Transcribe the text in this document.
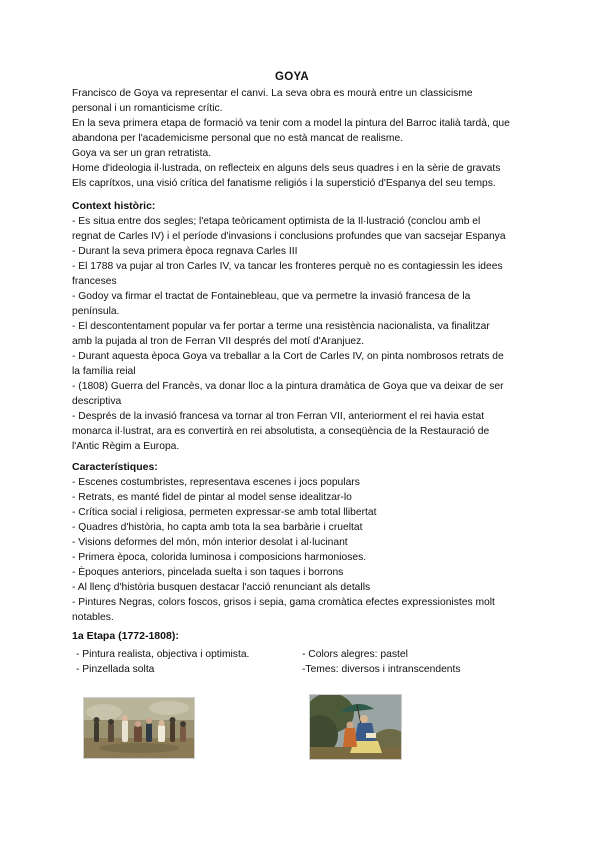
GOYA

Francisco de Goya va representar el canvi. La seva obra es mourà entre un classicisme personal i un romanticisme crític.

En la seva primera etapa de formació va tenir com a model la pintura del Barroc italià tardà, que abandona per l'academicisme personal que no està mancat de realisme.

Goya va ser un gran retratista.

Home d'ideologia il·lustrada, on reflecteix en alguns dels seus quadres i en la sèrie de gravats Els caprítxos, una visió crítica del fanatisme religiós i la superstició d'Espanya del seu temps.

Context històric:

- Es situa entre dos segles; l'etapa teòricament optimista de la Il·lustració (conclou amb el regnat de Carles IV) i el període d'invasions i conclusions profundes que van sacsejar Espanya

- Durant la seva primera època regnava Carles III

- El 1788 va pujar al tron Carles IV, va tancar les fronteres perquè no es contagiessin les idees franceses

- Godoy va firmar el tractat de Fontainebleau, que va permetre la invasió francesa de la península.

- El descontentament popular va fer portar a terme una resistència nacionalista, va finalitzar amb la pujada al tron de Ferran VII després del motí d'Aranjuez.

- Durant aquesta època Goya va treballar a la Cort de Carles IV, on pinta nombrosos retrats de la família reial

- (1808) Guerra del Francès, va donar lloc a la pintura dramàtica de Goya que va deixar de ser descriptiva

- Després de la invasió francesa va tornar al tron Ferran VII, anteriorment el rei havia estat monarca il·lustrat, ara es convertirà en rei absolutista, a conseqüència de la Restauració de l'Antic Règim a Europa.

Característiques:

- Escenes costumbristes, representava escenes i jocs populars

- Retrats, es manté fidel de pintar al model sense idealitzar-lo

- Crítica social i religiosa, permeten expressar-se amb total llibertat

- Quadres d'història, ho capta amb tota la sea barbàrie i crueltat

- Visions deformes del món, món interior desolat i al·lucinant

- Primera època, colorida luminosa i composicions harmonioses.

- Èpoques anteriors, pincelada suelta i son taques i borrons

- Al llenç d'història busquen destacar l'acció renunciant als detalls

- Pintures Negras, colors foscos, grisos i sepia, gama cromàtica efectes expressionistes molt notables.

1a Etapa (1772-1808):

- Pintura realista, objectiva i optimista.

- Pinzellada solta

- Colors alegres: pastel

-Temes: diversos i intranscendents
